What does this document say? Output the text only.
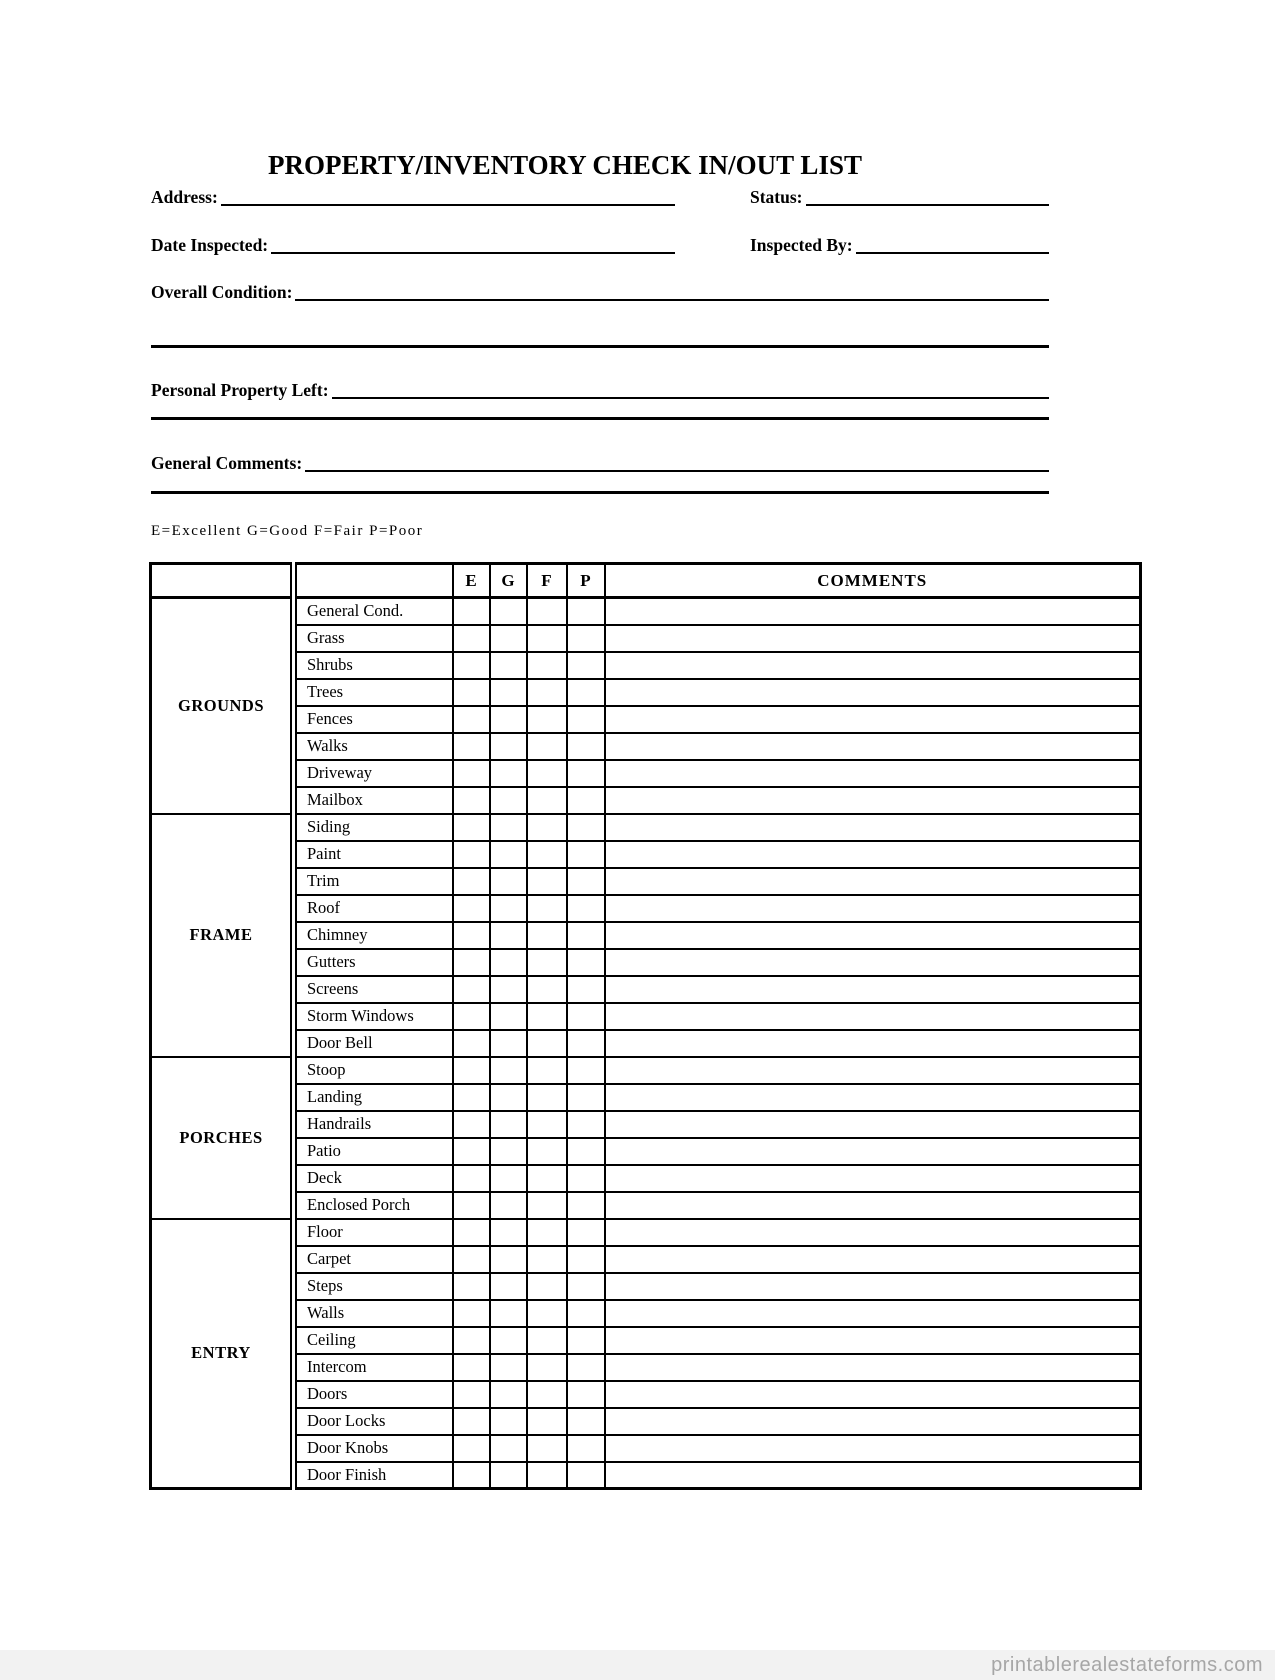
PROPERTY/INVENTORY CHECK IN/OUT LIST
Address:	Status:
Date Inspected:	Inspected By:
Overall Condition:
Personal Property Left:
General Comments:
E=Excellent G=Good F=Fair P=Poor
		E	G	F	P	COMMENTS
GROUNDS	General Cond.					
	Grass					
	Shrubs					
	Trees					
	Fences					
	Walks					
	Driveway					
	Mailbox					
FRAME	Siding					
	Paint					
	Trim					
	Roof					
	Chimney					
	Gutters					
	Screens					
	Storm Windows					
	Door Bell					
PORCHES	Stoop					
	Landing					
	Handrails					
	Patio					
	Deck					
	Enclosed Porch					
ENTRY	Floor					
	Carpet					
	Steps					
	Walls					
	Ceiling					
	Intercom					
	Doors					
	Door Locks					
	Door Knobs					
	Door Finish					
printablerealestateforms.com
